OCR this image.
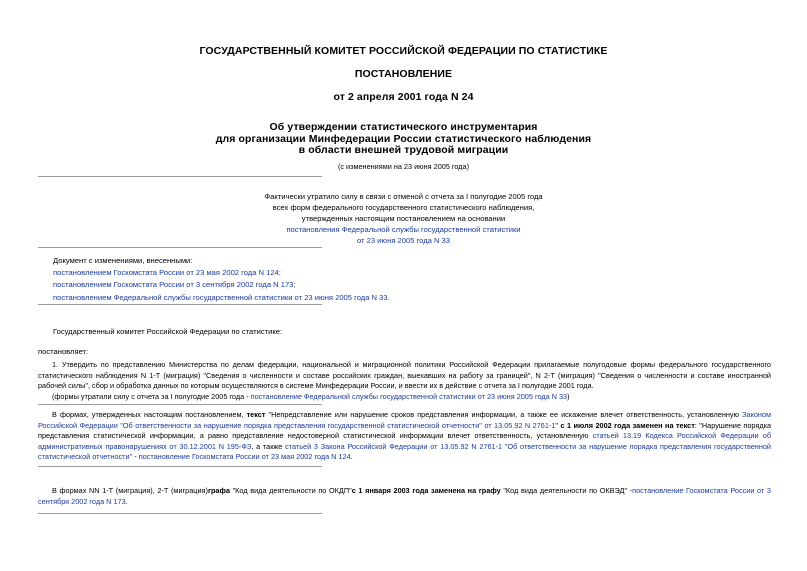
ГОСУДАРСТВЕННЫЙ КОМИТЕТ РОССИЙСКОЙ ФЕДЕРАЦИИ ПО СТАТИСТИКЕ
ПОСТАНОВЛЕНИЕ
от 2 апреля 2001 года N 24
Об утверждении статистического инструментария
для организации Минфедерации России статистического наблюдения
в области внешней трудовой миграции
(с изменениями на 23 июня 2005 года)
Фактически утратило силу в связи с отменой с отчета за I полугодие 2005 года
всех форм федерального государственного статистического наблюдения,
утвержденных настоящим постановлением на основании
постановления Федеральной службы государственной статистики
от 23 июня 2005 года N 33
Документ с изменениями, внесенными:
постановлением Госкомстата России от 23 мая 2002 года N 124;
постановлением Госкомстата России от 3 сентября 2002 года N 173;
постановлением Федеральной службы государственной статистики от 23 июня 2005 года N 33.
Государственный комитет Российской Федерации по статистике:
постановляет:
1. Утвердить по представлению Министерства по делам федерации, национальной и миграционной политики Российской Федерации прилагаемые полугодовые формы федерального государственного статистического наблюдения N 1-Т (миграция) "Сведения о численности и составе российских граждан, выехавших на работу за границей", N 2-Т (миграция) "Сведения о численности и составе иностранной рабочей силы", сбор и обработка данных по которым осуществляются в системе Минфедерации России, и ввести их в действие с отчета за I полугодие 2001 года.
(формы утратили силу с отчета за I полугодие 2005 года - постановление Федеральной службы государственной статистики от 23 июня 2005 года N 33)
В формах, утвержденных настоящим постановлением, текст "Непредставление или нарушение сроков представления информации, а также ее искажение влечет ответственность, установленную Законом Российской Федерации "Об ответственности за нарушение порядка представления государственной статистической отчетности" от 13.05.92 N 2761-1" с 1 июля 2002 года заменен на текст: "Нарушение порядка представления статистической информации, а равно представление недостоверной статистической информации влечет ответственность, установленную статьей 13.19 Кодекса Российской Федерации об административных правонарушениях от 30.12.2001 N 195-ФЗ, а также статьей 3 Закона Российской Федерации от 13.05.92 N 2761-1 "Об ответственности за нарушение порядка представления государственной статистической отчетности" - постановление Госкомстата России от 23 мая 2002 года N 124.
В формах NN 1-Т (миграция), 2-Т (миграция)графа "Код вида деятельности по ОКДП"с 1 января 2003 года заменена на графу "Код вида деятельности по ОКВЭД" -постановление Госкомстата России от 3 сентября 2002 года N 173.
